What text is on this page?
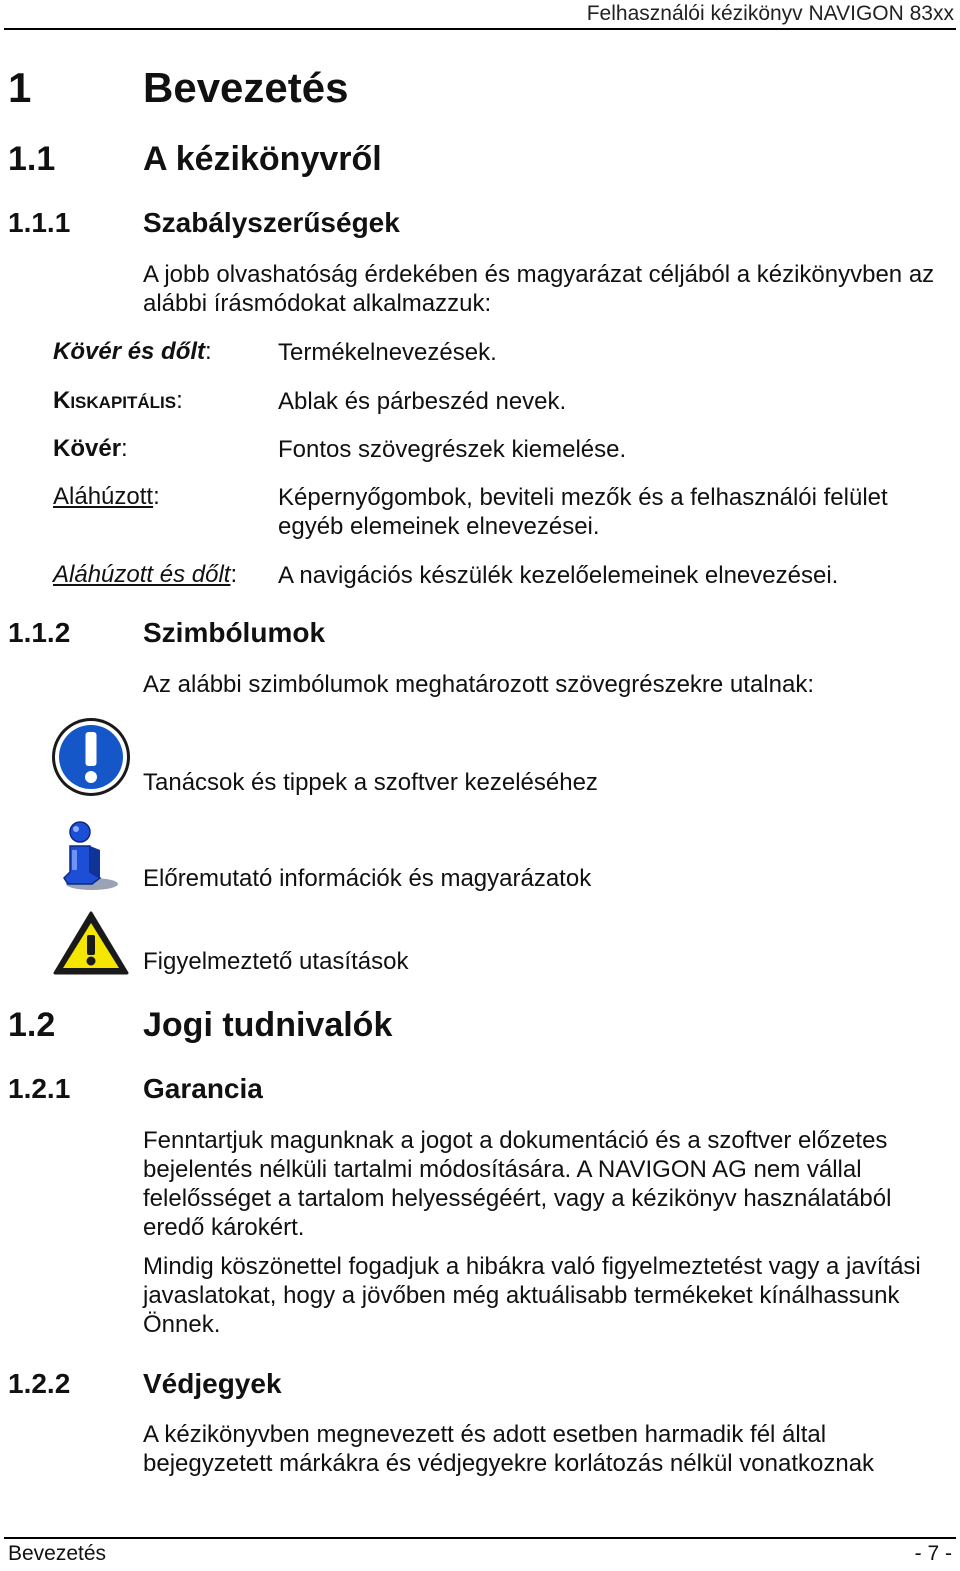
Felhasználói kézikönyv NAVIGON 83xx
1	Bevezetés
1.1	A kézikönyvről
1.1.1	Szabályszerűségek
A jobb olvashatóság érdekében és magyarázat céljából a kézikönyvben az alábbi írásmódokat alkalmazzuk:
Kövér és dőlt:	Termékelnevezések.
Kiskapitális:	Ablak és párbeszéd nevek.
Kövér:	Fontos szövegrészek kiemelése.
Aláhúzott:	Képernyőgombok, beviteli mezők és a felhasználói felület egyéb elemeinek elnevezései.
Aláhúzott és dőlt: A navigációs készülék kezelőelemeinek elnevezései.
1.1.2	Szimbólumok
Az alábbi szimbólumok meghatározott szövegrészekre utalnak:
Tanácsok és tippek a szoftver kezeléséhez
Előremutató információk és magyarázatok
Figyelmeztető utasítások
1.2	Jogi tudnivalók
1.2.1	Garancia
Fenntartjuk magunknak a jogot a dokumentáció és a szoftver előzetes bejelentés nélküli tartalmi módosítására. A NAVIGON AG nem vállal felelősséget a tartalom helyességéért, vagy a kézikönyv használatából eredő károkért.
Mindig köszönettel fogadjuk a hibákra való figyelmeztetést vagy a javítási javaslatokat, hogy a jövőben még aktuálisabb termékeket kínálhassunk Önnek.
1.2.2	Védjegyek
A kézikönyvben megnevezett és adott esetben harmadik fél által bejegyzetett márkákra és védjegyekre korlátozás nélkül vonatkoznak
Bevezetés	- 7 -
